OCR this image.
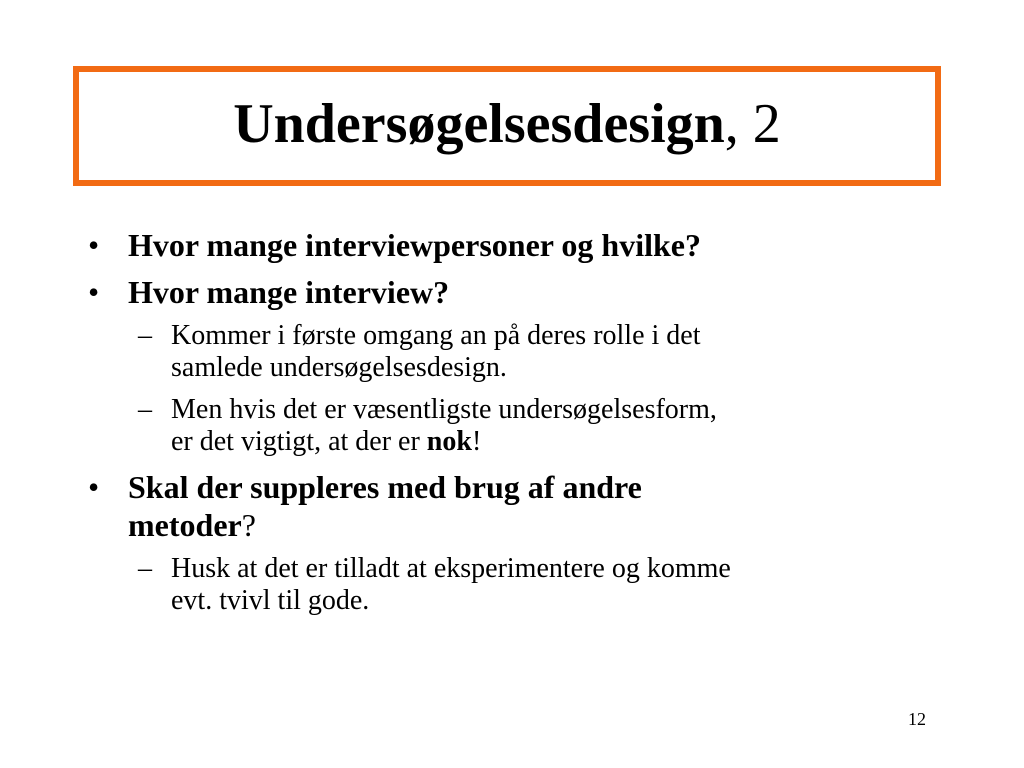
Undersøgelsesdesign, 2
• Hvor mange interviewpersoner og hvilke?
• Hvor mange interview?
– Kommer i første omgang an på deres rolle i det
samlede undersøgelsesdesign.
– Men hvis det er væsentligste undersøgelsesform,
er det vigtigt, at der er nok!
• Skal der suppleres med brug af andre
metoder?
– Husk at det er tilladt at eksperimentere og komme
evt. tvivl til gode.
12
